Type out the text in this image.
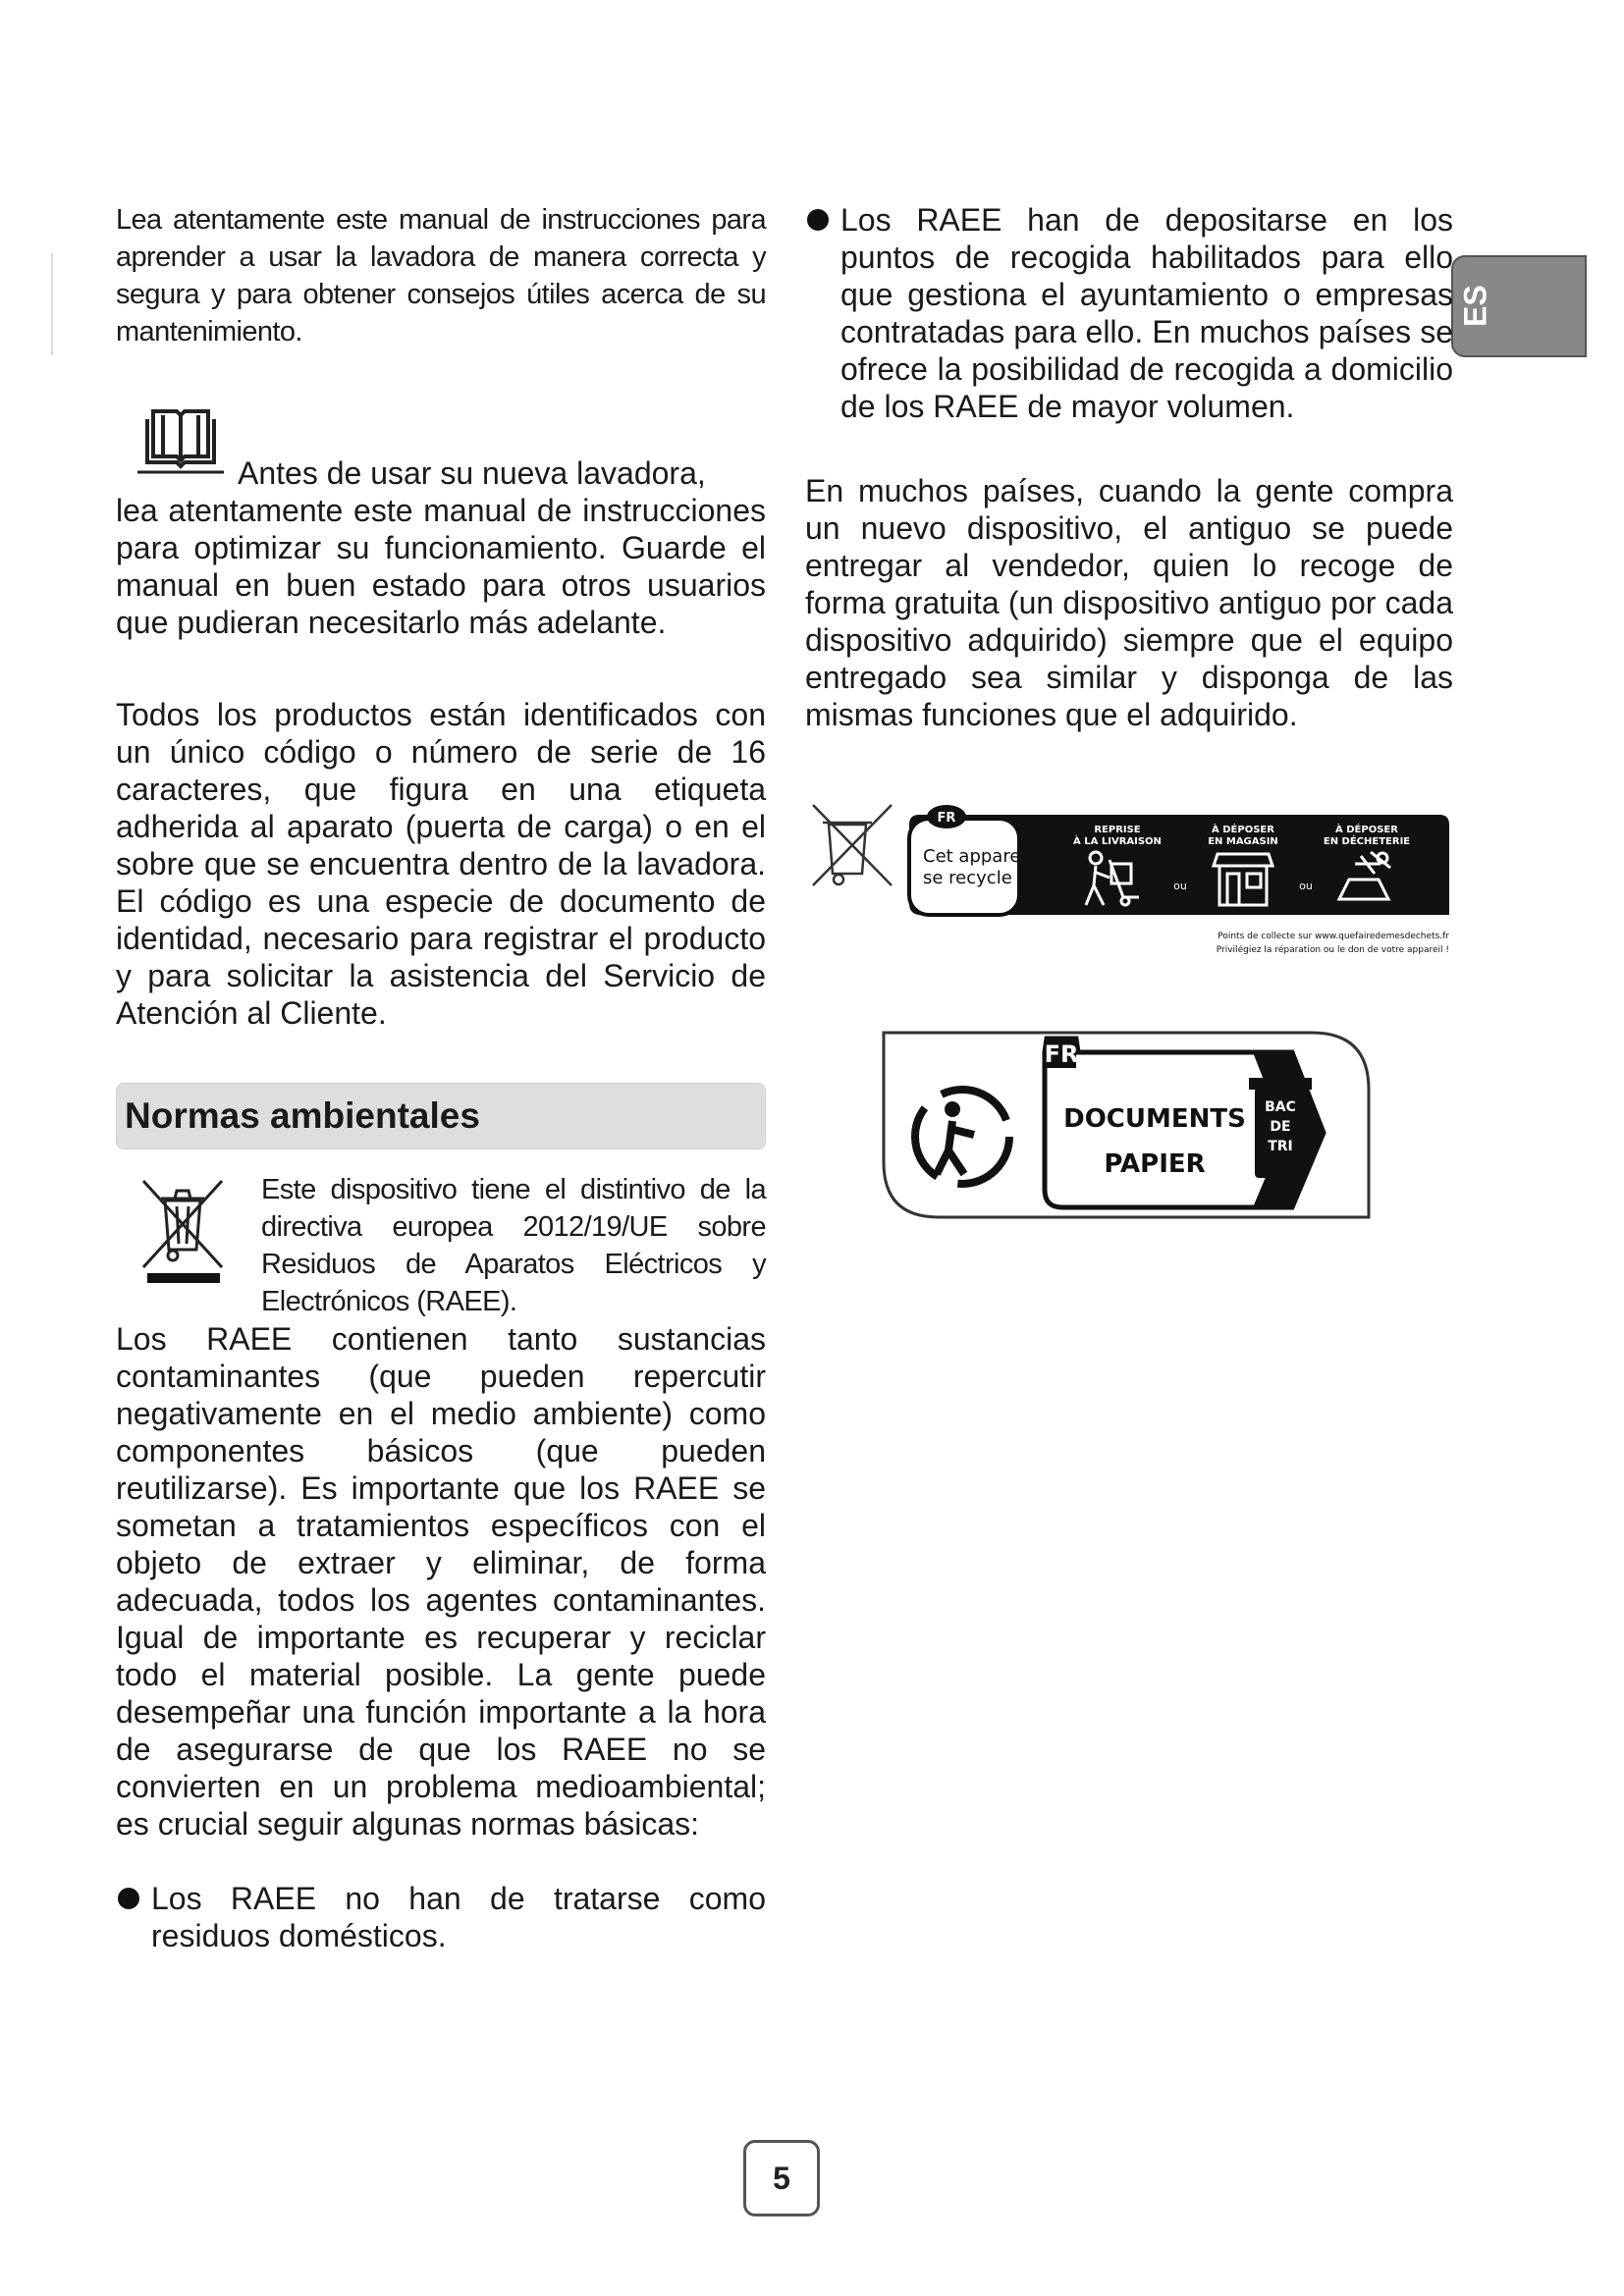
ES

Lea atentamente este manual de instrucciones para aprender a usar la lavadora de manera correcta y segura y para obtener consejos útiles acerca de su mantenimiento.

Antes de usar su nueva lavadora,

lea atentamente este manual de instrucciones para optimizar su funcionamiento. Guarde el manual en buen estado para otros usuarios que pudieran necesitarlo más adelante.

Todos los productos están identificados con un único código o número de serie de 16 caracteres, que figura en una etiqueta adherida al aparato (puerta de carga) o en el sobre que se encuentra dentro de la lavadora. El código es una especie de documento de identidad, necesario para registrar el producto y para solicitar la asistencia del Servicio de Atención al Cliente.

Normas ambientales

Este dispositivo tiene el distintivo de la directiva europea 2012/19/UE sobre Residuos de Aparatos Eléctricos y Electrónicos (RAEE).

Los RAEE contienen tanto sustancias contaminantes (que pueden repercutir negativamente en el medio ambiente) como componentes básicos (que pueden reutilizarse). Es importante que los RAEE se sometan a tratamientos específicos con el objeto de extraer y eliminar, de forma adecuada, todos los agentes contaminantes. Igual de importante es recuperar y reciclar todo el material posible. La gente puede desempeñar una función importante a la hora de asegurarse de que los RAEE no se convierten en un problema medioambiental; es crucial seguir algunas normas básicas:

Los RAEE no han de tratarse como residuos domésticos.
Los RAEE han de depositarse en los puntos de recogida habilitados para ello que gestiona el ayuntamiento o empresas contratadas para ello. En muchos países se ofrece la posibilidad de recogida a domicilio de los RAEE de mayor volumen.

En muchos países, cuando la gente compra un nuevo dispositivo, el antiguo se puede entregar al vendedor, quien lo recoge de forma gratuita (un dispositivo antiguo por cada dispositivo adquirido) siempre que el equipo entregado sea similar y disponga de las mismas funciones que el adquirido.

FR
Cet appareil
se recycle
REPRISE
À LA LIVRAISON
À DÉPOSER
EN MAGASIN
À DÉPOSER
EN DÉCHETERIE
ou	ou
Points de collecte sur www.quefairedemesdechets.fr
Privilégiez la réparation ou le don de votre appareil !
FR
DOCUMENTS
PAPIER
BAC
DE
TRI
5
